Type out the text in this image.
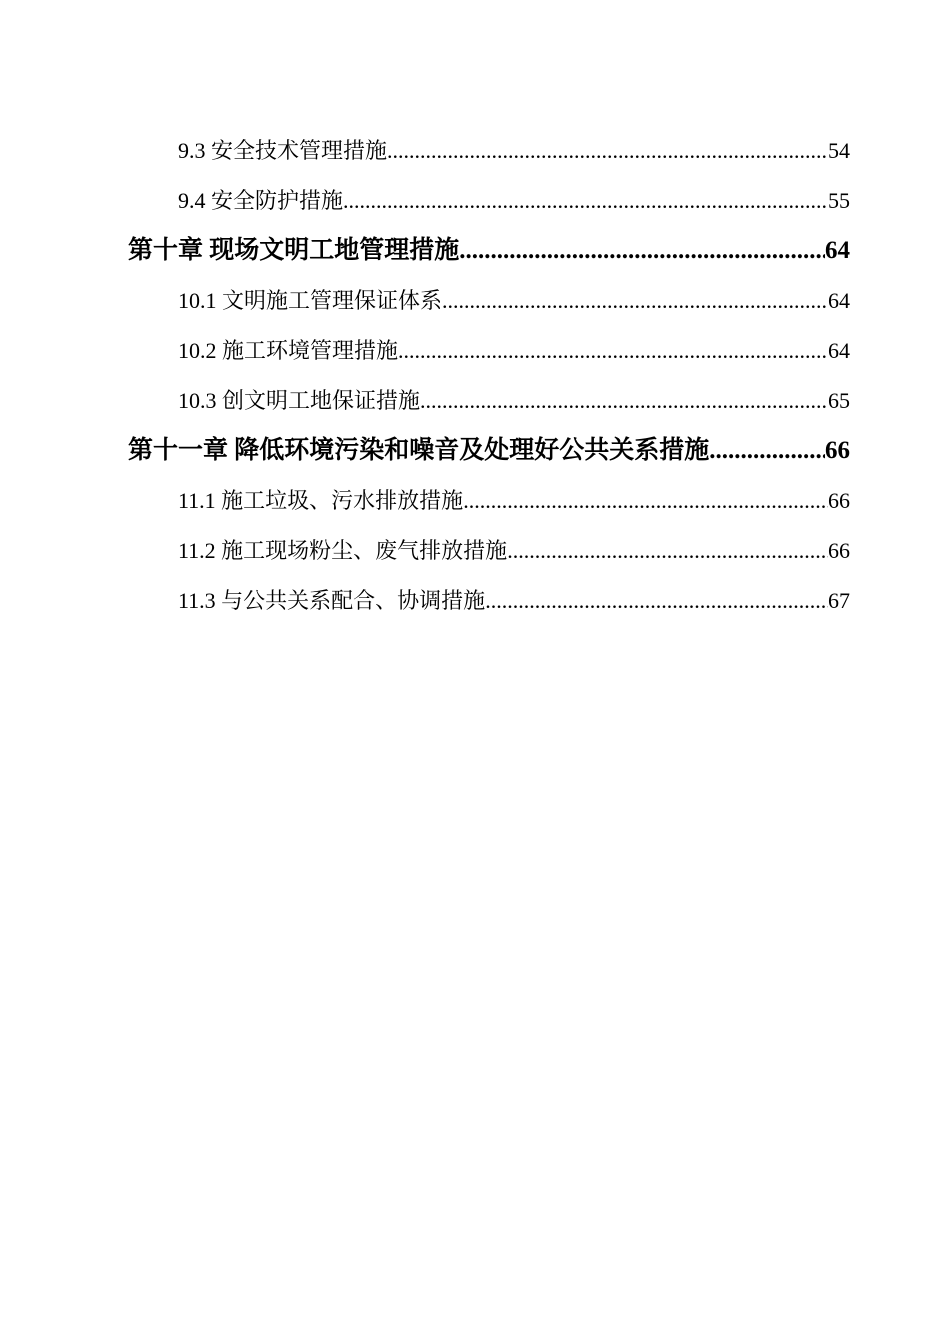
9.3 安全技术管理措施 .....	54
9.4 安全防护措施 .....	55
第十章 现场文明工地管理措施 .....	64
10.1 文明施工管理保证体系 .....	64
10.2 施工环境管理措施 .....	64
10.3 创文明工地保证措施 .....	65
第十一章 降低环境污染和噪音及处理好公共关系措施 .....	66
11.1 施工垃圾、污水排放措施 .....	66
11.2 施工现场粉尘、废气排放措施 .....	66
11.3 与公共关系配合、协调措施 .....	67
